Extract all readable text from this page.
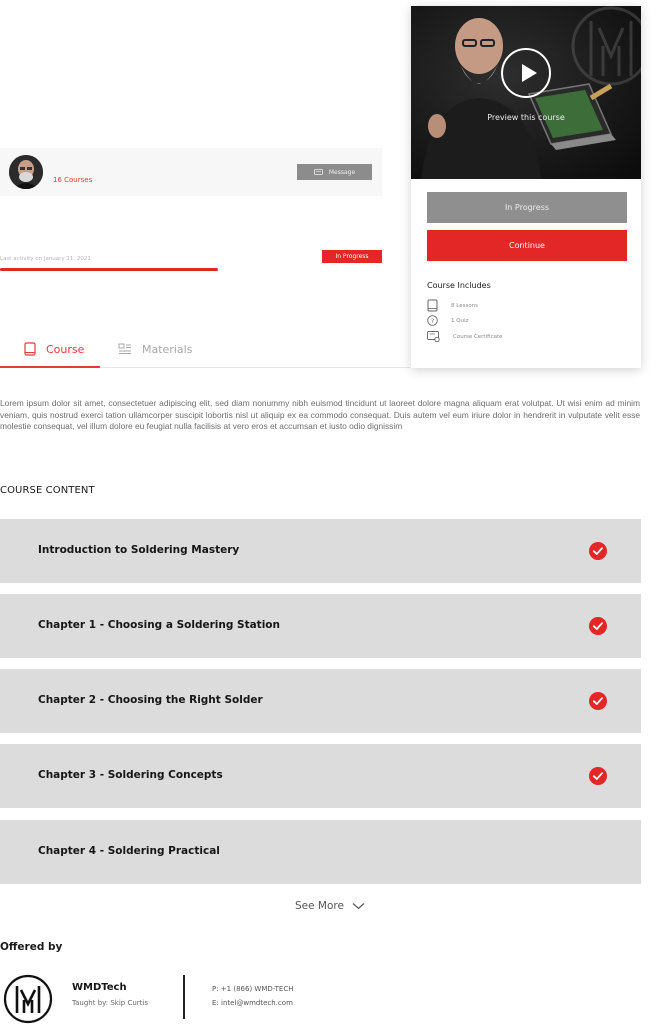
16 Courses
Message
Last activity on January 11, 2021	In Progress
Course	Materials
Preview this course
In Progress
Continue
Course Includes
8 Lessons
?	1 Quiz
Course Certificate

Lorem ipsum dolor sit amet, consectetuer adipiscing elit, sed diam nonummy nibh euismod tincidunt ut laoreet dolore magna aliquam erat volutpat. Ut wisi enim ad minim veniam, quis nostrud exerci tation ullamcorper suscipit lobortis nisl ut aliquip ex ea commodo consequat. Duis autem vel eum iriure dolor in hendrerit in vulputate velit esse molestie consequat, vel illum dolore eu feugiat nulla facilisis at vero eros et accumsan et iusto odio dignissim

COURSE CONTENT
Introduction to Soldering Mastery
Chapter 1 - Choosing a Soldering Station
Chapter 2 - Choosing the Right Solder
Chapter 3 - Soldering Concepts
Chapter 4 - Soldering Practical
See More
Offered by
WMDTech
Taught by: Skip Curtis
P: +1 (866) WMD-TECH
E: intel@wmdtech.com
